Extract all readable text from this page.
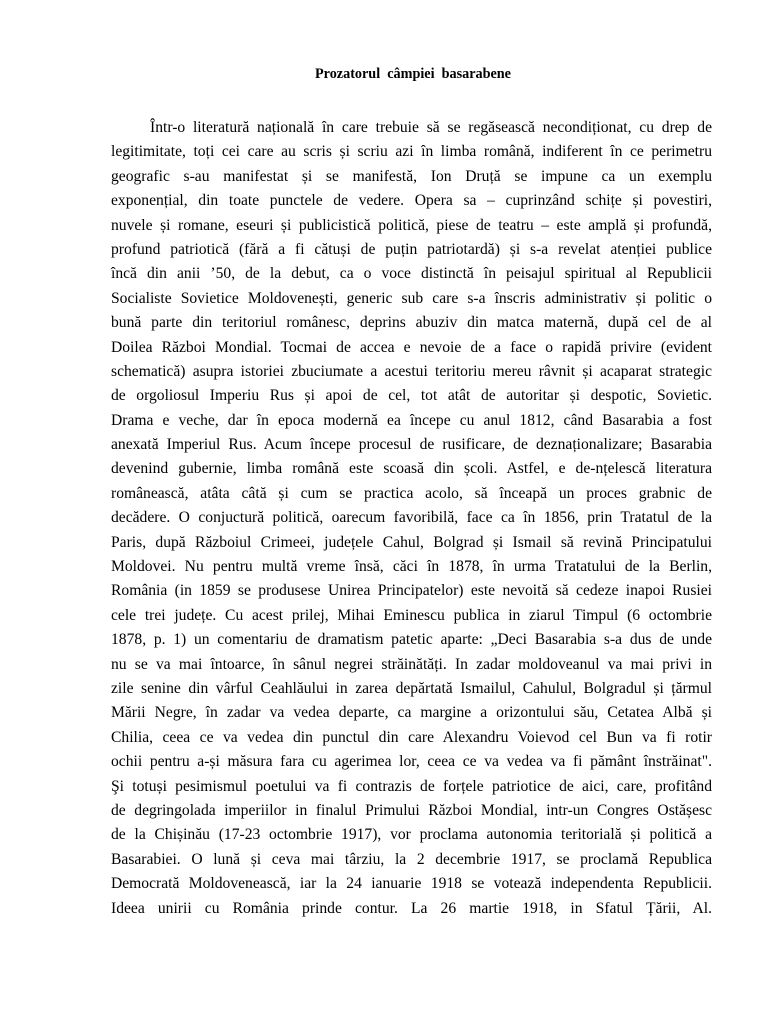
Prozatorul  câmpiei  basarabene
Într-o literatură națională în care trebuie să se regăsească necondiționat, cu drep de
legitimitate, toți cei care au scris și scriu azi în limba română, indiferent în ce perimetru
geografic s-au manifestat și se manifestă, Ion Druță se impune ca un exemplu
exponențial, din toate punctele de vedere. Opera sa – cuprinzând schițe și povestiri,
nuvele și romane, eseuri și publicistică politică, piese de teatru – este amplă și profundă,
profund patriotică (fără a fi cătuși de puțin patriotardă) și s-a revelat atenției publice
încă din anii ’50, de la debut, ca o voce distinctă în peisajul spiritual al Republicii
Socialiste Sovietice Moldovenești, generic sub care s-a înscris administrativ și politic o
bună parte din teritoriul românesc, deprins abuziv din matca maternă, după cel de al
Doilea Război Mondial. Tocmai de accea e nevoie de a face o rapidă privire (evident
schematică) asupra istoriei zbuciumate a acestui teritoriu mereu râvnit și acaparat strategic
de orgoliosul Imperiu Rus și apoi de cel, tot atât de autoritar și despotic, Sovietic.
Drama e veche, dar în epoca modernă ea începe cu anul 1812, când Basarabia a fost
anexată Imperiul Rus. Acum începe procesul de rusificare, de deznaționalizare; Basarabia
devenind gubernie, limba română este scoasă din școli. Astfel, e de-nțelescă literatura
românească, atâta câtă și cum se practica acolo, să înceapă un proces grabnic de
decădere. O conjuctură politică, oarecum favoribilă, face ca în 1856, prin Tratatul de la
Paris, după Războiul Crimeei, județele Cahul, Bolgrad și Ismail să revină Principatului
Moldovei. Nu pentru multă vreme însă, căci în 1878, în urma Tratatului de la Berlin,
România (in 1859 se produsese Unirea Principatelor) este nevoită să cedeze inapoi Rusiei
cele trei județe. Cu acest prilej, Mihai Eminescu publica in ziarul Timpul (6 octombrie
1878, p. 1) un comentariu de dramatism patetic aparte: „Deci Basarabia s-a dus de unde
nu se va mai întoarce, în sânul negrei străinătăți. In zadar moldoveanul va mai privi in
zile senine din vârful Ceahlăului in zarea depărtată Ismailul, Cahulul, Bolgradul și țărmul
Mării Negre, în zadar va vedea departe, ca margine a orizontului său, Cetatea Albă și
Chilia, ceea ce va vedea din punctul din care Alexandru Voievod cel Bun va fi rotir
ochii pentru a-și măsura fara cu agerimea lor, ceea ce va vedea va fi pământ înstrăinat".
Şi totuși pesimismul poetului va fi contrazis de forțele patriotice de aici, care, profitând
de degringolada imperiilor in finalul Primului Război Mondial, intr-un Congres Ostășesc
de la Chișinău (17-23 octombrie 1917), vor proclama autonomia teritorială și politică a
Basarabiei. O lună și ceva mai târziu, la 2 decembrie 1917, se proclamă Republica
Democrată Moldovenească, iar la 24 ianuarie 1918 se votează independenta Republicii.
Ideea unirii cu România prinde contur. La 26 martie 1918, in Sfatul Țării, Al.
